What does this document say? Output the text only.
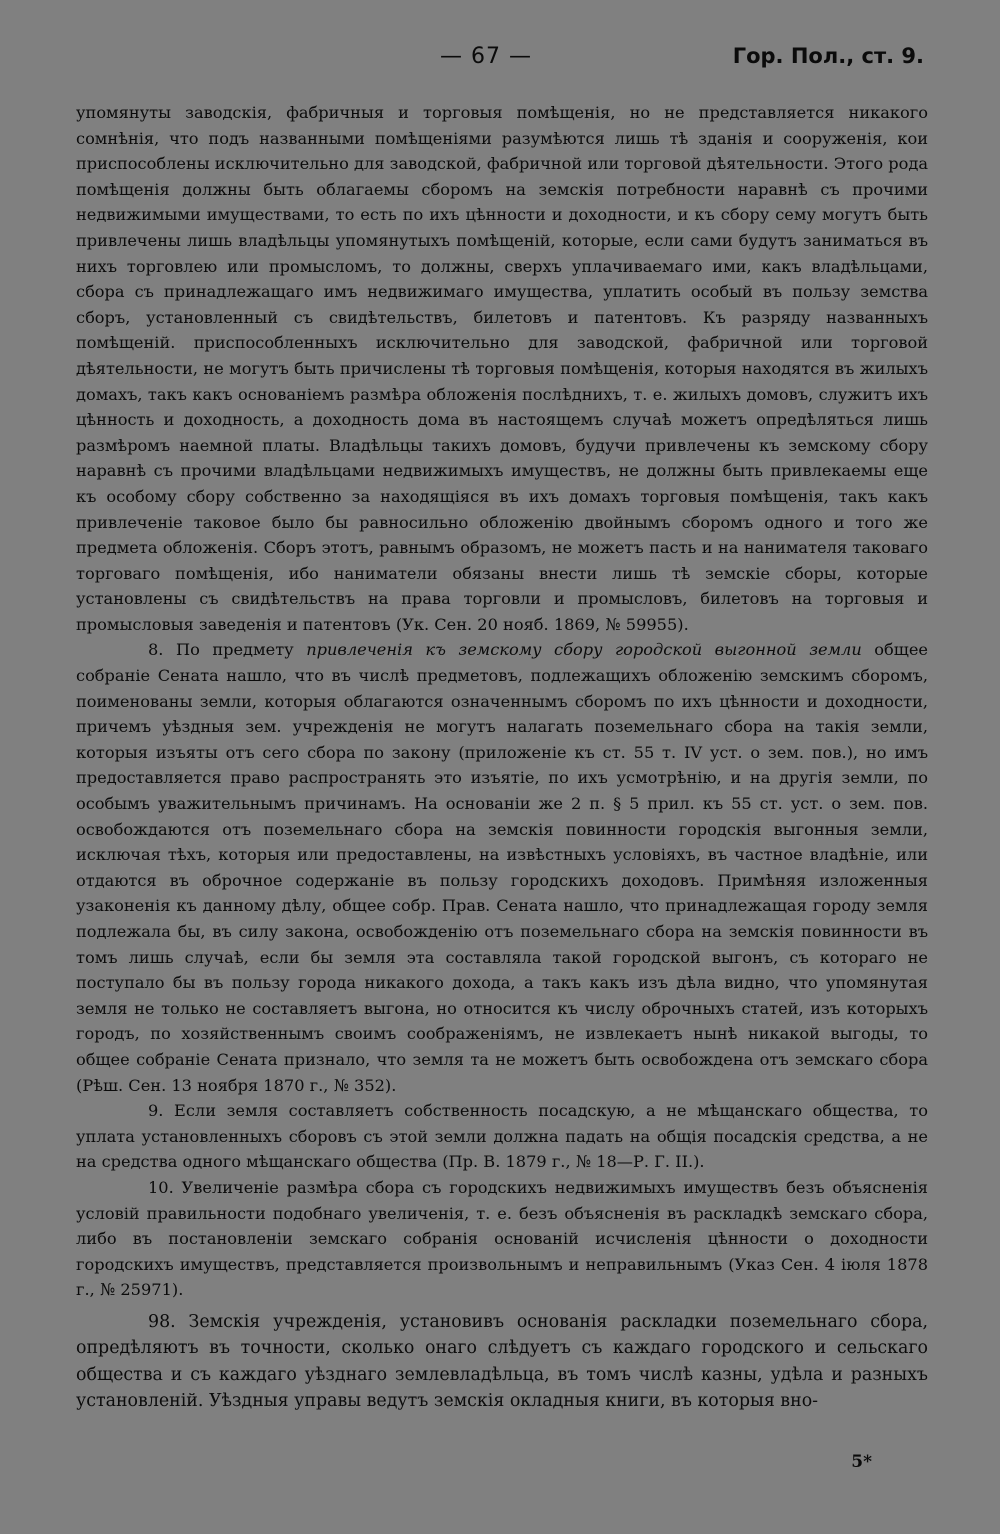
— 67 —	Гор. Пол., ст. 9.

упомянуты заводскія, фабричныя и торговыя помѣщенія, но не представляется никакого сомнѣнія, что подъ названными помѣщеніями разумѣются лишь тѣ зданія и сооруженія, кои приспособлены исключительно для заводской, фабричной или торговой дѣятельности. Этого рода помѣщенія должны быть облагаемы сборомъ на земскія потребности наравнѣ съ прочими недвижимыми имуществами, то есть по ихъ цѣнности и доходности, и къ сбору сему могутъ быть привлечены лишь владѣльцы упомянутыхъ помѣщеній, которые, если сами будутъ заниматься въ нихъ торговлею или промысломъ, то должны, сверхъ уплачиваемаго ими, какъ владѣльцами, сбора съ принадлежащаго имъ недвижимаго имущества, уплатить особый въ пользу земства сборъ, установленный съ свидѣтельствъ, билетовъ и патентовъ. Къ разряду названныхъ помѣщеній. приспособленныхъ исключительно для заводской, фабричной или торговой дѣятельности, не могутъ быть причислены тѣ торговыя помѣщенія, которыя находятся въ жилыхъ домахъ, такъ какъ основаніемъ размѣра обложенія послѣднихъ, т. е. жилыхъ домовъ, служитъ ихъ цѣнность и доходность, а доходность дома въ настоящемъ случаѣ можетъ опредѣляться лишь размѣромъ наемной платы. Владѣльцы такихъ домовъ, будучи привлечены къ земскому сбору наравнѣ съ прочими владѣльцами недвижимыхъ имуществъ, не должны быть привлекаемы еще къ особому сбору собственно за находящіяся въ ихъ домахъ торговыя помѣщенія, такъ какъ привлеченіе таковое было бы равносильно обложенію двойнымъ сборомъ одного и того же предмета обложенія. Сборъ этотъ, равнымъ образомъ, не можетъ пасть и на нанимателя таковаго торговаго помѣщенія, ибо наниматели обязаны внести лишь тѣ земскіе сборы, которые установлены съ свидѣтельствъ на права торговли и промысловъ, билетовъ на торговыя и промысловыя заведенія и патентовъ (Ук. Сен. 20 нояб. 1869, № 59955).

8. По предмету привлеченія къ земскому сбору городской выгонной земли общее собраніе Сената нашло, что въ числѣ предметовъ, подлежащихъ обложенію земскимъ сборомъ, поименованы земли, которыя облагаются означеннымъ сборомъ по ихъ цѣнности и доходности, причемъ уѣздныя зем. учрежденія не могутъ налагать поземельнаго сбора на такія земли, которыя изъяты отъ сего сбора по закону (приложеніе къ ст. 55 т. IV уст. о зем. пов.), но имъ предоставляется право распространять это изъятіе, по ихъ усмотрѣнію, и на другія земли, по особымъ уважительнымъ причинамъ. На основаніи же 2 п. § 5 прил. къ 55 ст. уст. о зем. пов. освобождаются отъ поземельнаго сбора на земскія повинности городскія выгонныя земли, исключая тѣхъ, которыя или предоставлены, на извѣстныхъ условіяхъ, въ частное владѣніе, или отдаются въ оброчное содержаніе въ пользу городскихъ доходовъ. Примѣняя изложенныя узаконенія къ данному дѣлу, общее собр. Прав. Сената нашло, что принадлежащая городу земля подлежала бы, въ силу закона, освобожденію отъ поземельнаго сбора на земскія повинности въ томъ лишь случаѣ, если бы земля эта составляла такой городской выгонъ, съ котораго не поступало бы въ пользу города никакого дохода, а такъ какъ изъ дѣла видно, что упомянутая земля не только не составляетъ выгона, но относится къ числу оброчныхъ статей, изъ которыхъ городъ, по хозяйственнымъ своимъ соображеніямъ, не извлекаетъ нынѣ никакой выгоды, то общее собраніе Сената признало, что земля та не можетъ быть освобождена отъ земскаго сбора (Рѣш. Сен. 13 ноября 1870 г., № 352).

9. Если земля составляетъ собственность посадскую, а не мѣщанскаго общества, то уплата установленныхъ сборовъ съ этой земли должна падать на общія посадскія средства, а не на средства одного мѣщанскаго общества (Пр. В. 1879 г., № 18—Р. Г. II.).

10. Увеличеніе размѣра сбора съ городскихъ недвижимыхъ имуществъ безъ объясненія условій правильности подобнаго увеличенія, т. е. безъ объясненія въ раскладкѣ земскаго сбора, либо въ постановленіи земскаго собранія основаній исчисленія цѣнности о доходности городскихъ имуществъ, представляется произвольнымъ и неправильнымъ (Указ Сен. 4 іюля 1878 г., № 25971).

98. Земскія учрежденія, установивъ основанія раскладки поземельнаго сбора, опредѣляютъ въ точности, сколько онаго слѣдуетъ съ каждаго городского и сельскаго общества и съ каждаго уѣзднаго землевладѣльца, въ томъ числѣ казны, удѣла и разныхъ установленій. Уѣздныя управы ведутъ земскія окладныя книги, въ которыя вно-

5*
